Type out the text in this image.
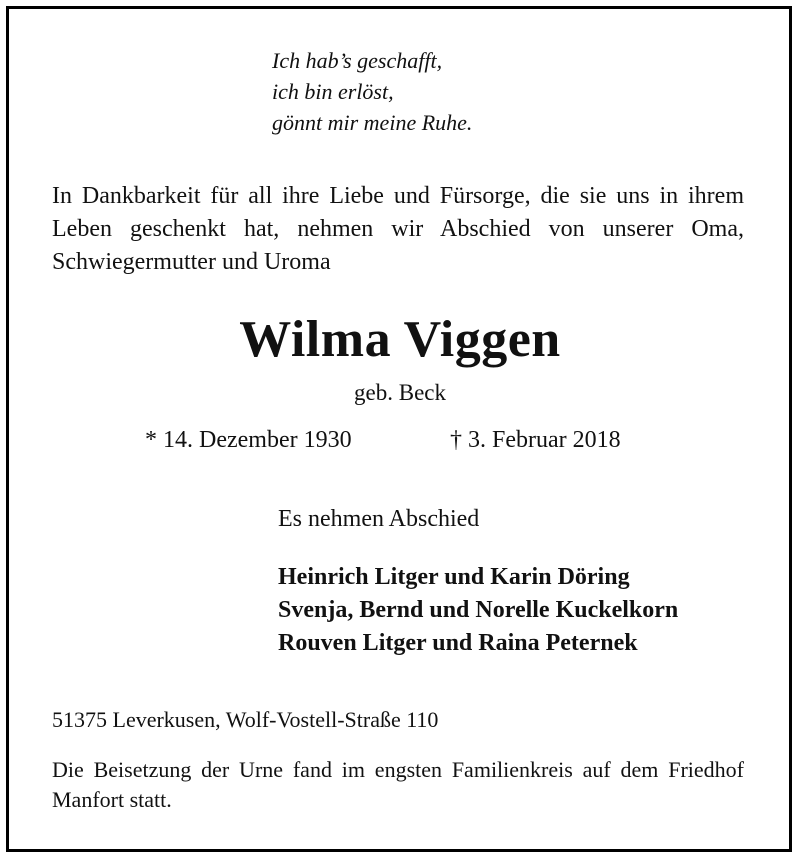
Ich hab’s geschafft,
ich bin erlöst,
gönnt mir meine Ruhe.
In Dankbarkeit für all ihre Liebe und Fürsorge, die sie uns in ihrem Leben geschenkt hat, nehmen wir Abschied von unserer Oma, Schwiegermutter und Uroma
Wilma Viggen
geb. Beck
* 14. Dezember 1930	† 3. Februar 2018
Es nehmen Abschied
Heinrich Litger und Karin Döring
Svenja, Bernd und Norelle Kuckelkorn
Rouven Litger und Raina Peternek
51375 Leverkusen, Wolf-Vostell-Straße 110
Die Beisetzung der Urne fand im engsten Familienkreis auf dem Friedhof Manfort statt.
